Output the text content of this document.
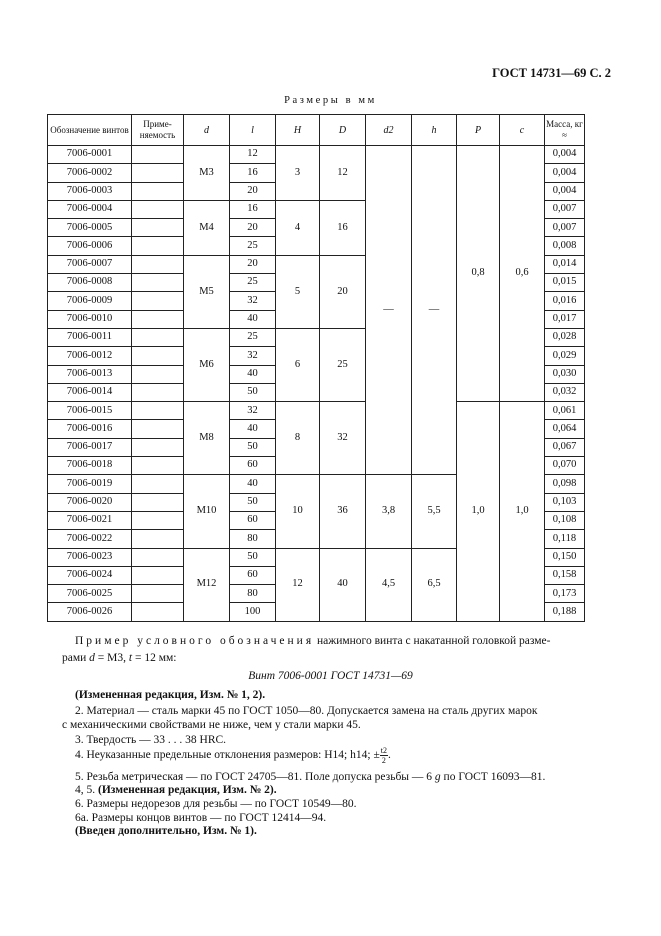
ГОСТ 14731—69 С. 2
Размеры в мм
Обозначение винтов	Приме-няемость	d	l	H	D	d2	h	P	c	Масса, кг ≈
7006-0001		M3	12	3	12	—	—	0,8	0,6	0,004
7006-0002			16							0,004
7006-0003			20							0,004
7006-0004		M4	16	4	16					0,007
7006-0005			20							0,007
7006-0006			25							0,008
7006-0007		M5	20	5	20					0,014
7006-0008			25							0,015
7006-0009			32							0,016
7006-0010			40							0,017
7006-0011		M6	25	6	25					0,028
7006-0012			32							0,029
7006-0013			40							0,030
7006-0014			50							0,032
7006-0015		M8	32	8	32			1,0	1,0	0,061
7006-0016			40							0,064
7006-0017			50							0,067
7006-0018			60							0,070
7006-0019		M10	40	10	36	3,8	5,5			0,098
7006-0020			50							0,103
7006-0021			60							0,108
7006-0022			80							0,118
7006-0023		M12	50	12	40	4,5	6,5			0,150
7006-0024			60							0,158
7006-0025			80							0,173
7006-0026			100							0,188
Пример условного обозначения нажимного винта с накатанной головкой разме-
рами d = M3, t = 12 мм:
Винт 7006-0001 ГОСТ 14731—69
(Измененная редакция, Изм. № 1, 2).
2. Материал — сталь марки 45 по ГОСТ 1050—80. Допускается замена на сталь других марок
с механическими свойствами не ниже, чем у стали марки 45.
3. Твердость — 33 . . . 38 HRC.
4. Неуказанные предельные отклонения размеров: H14; h14; ± $\frac{t2}{2}$ .
5. Резьба метрическая — по ГОСТ 24705—81. Поле допуска резьбы — 6 g по ГОСТ 16093—81.
4, 5. (Измененная редакция, Изм. № 2).
6. Размеры недорезов для резьбы — по ГОСТ 10549—80.
6а. Размеры концов винтов — по ГОСТ 12414—94.
(Введен дополнительно, Изм. № 1).
